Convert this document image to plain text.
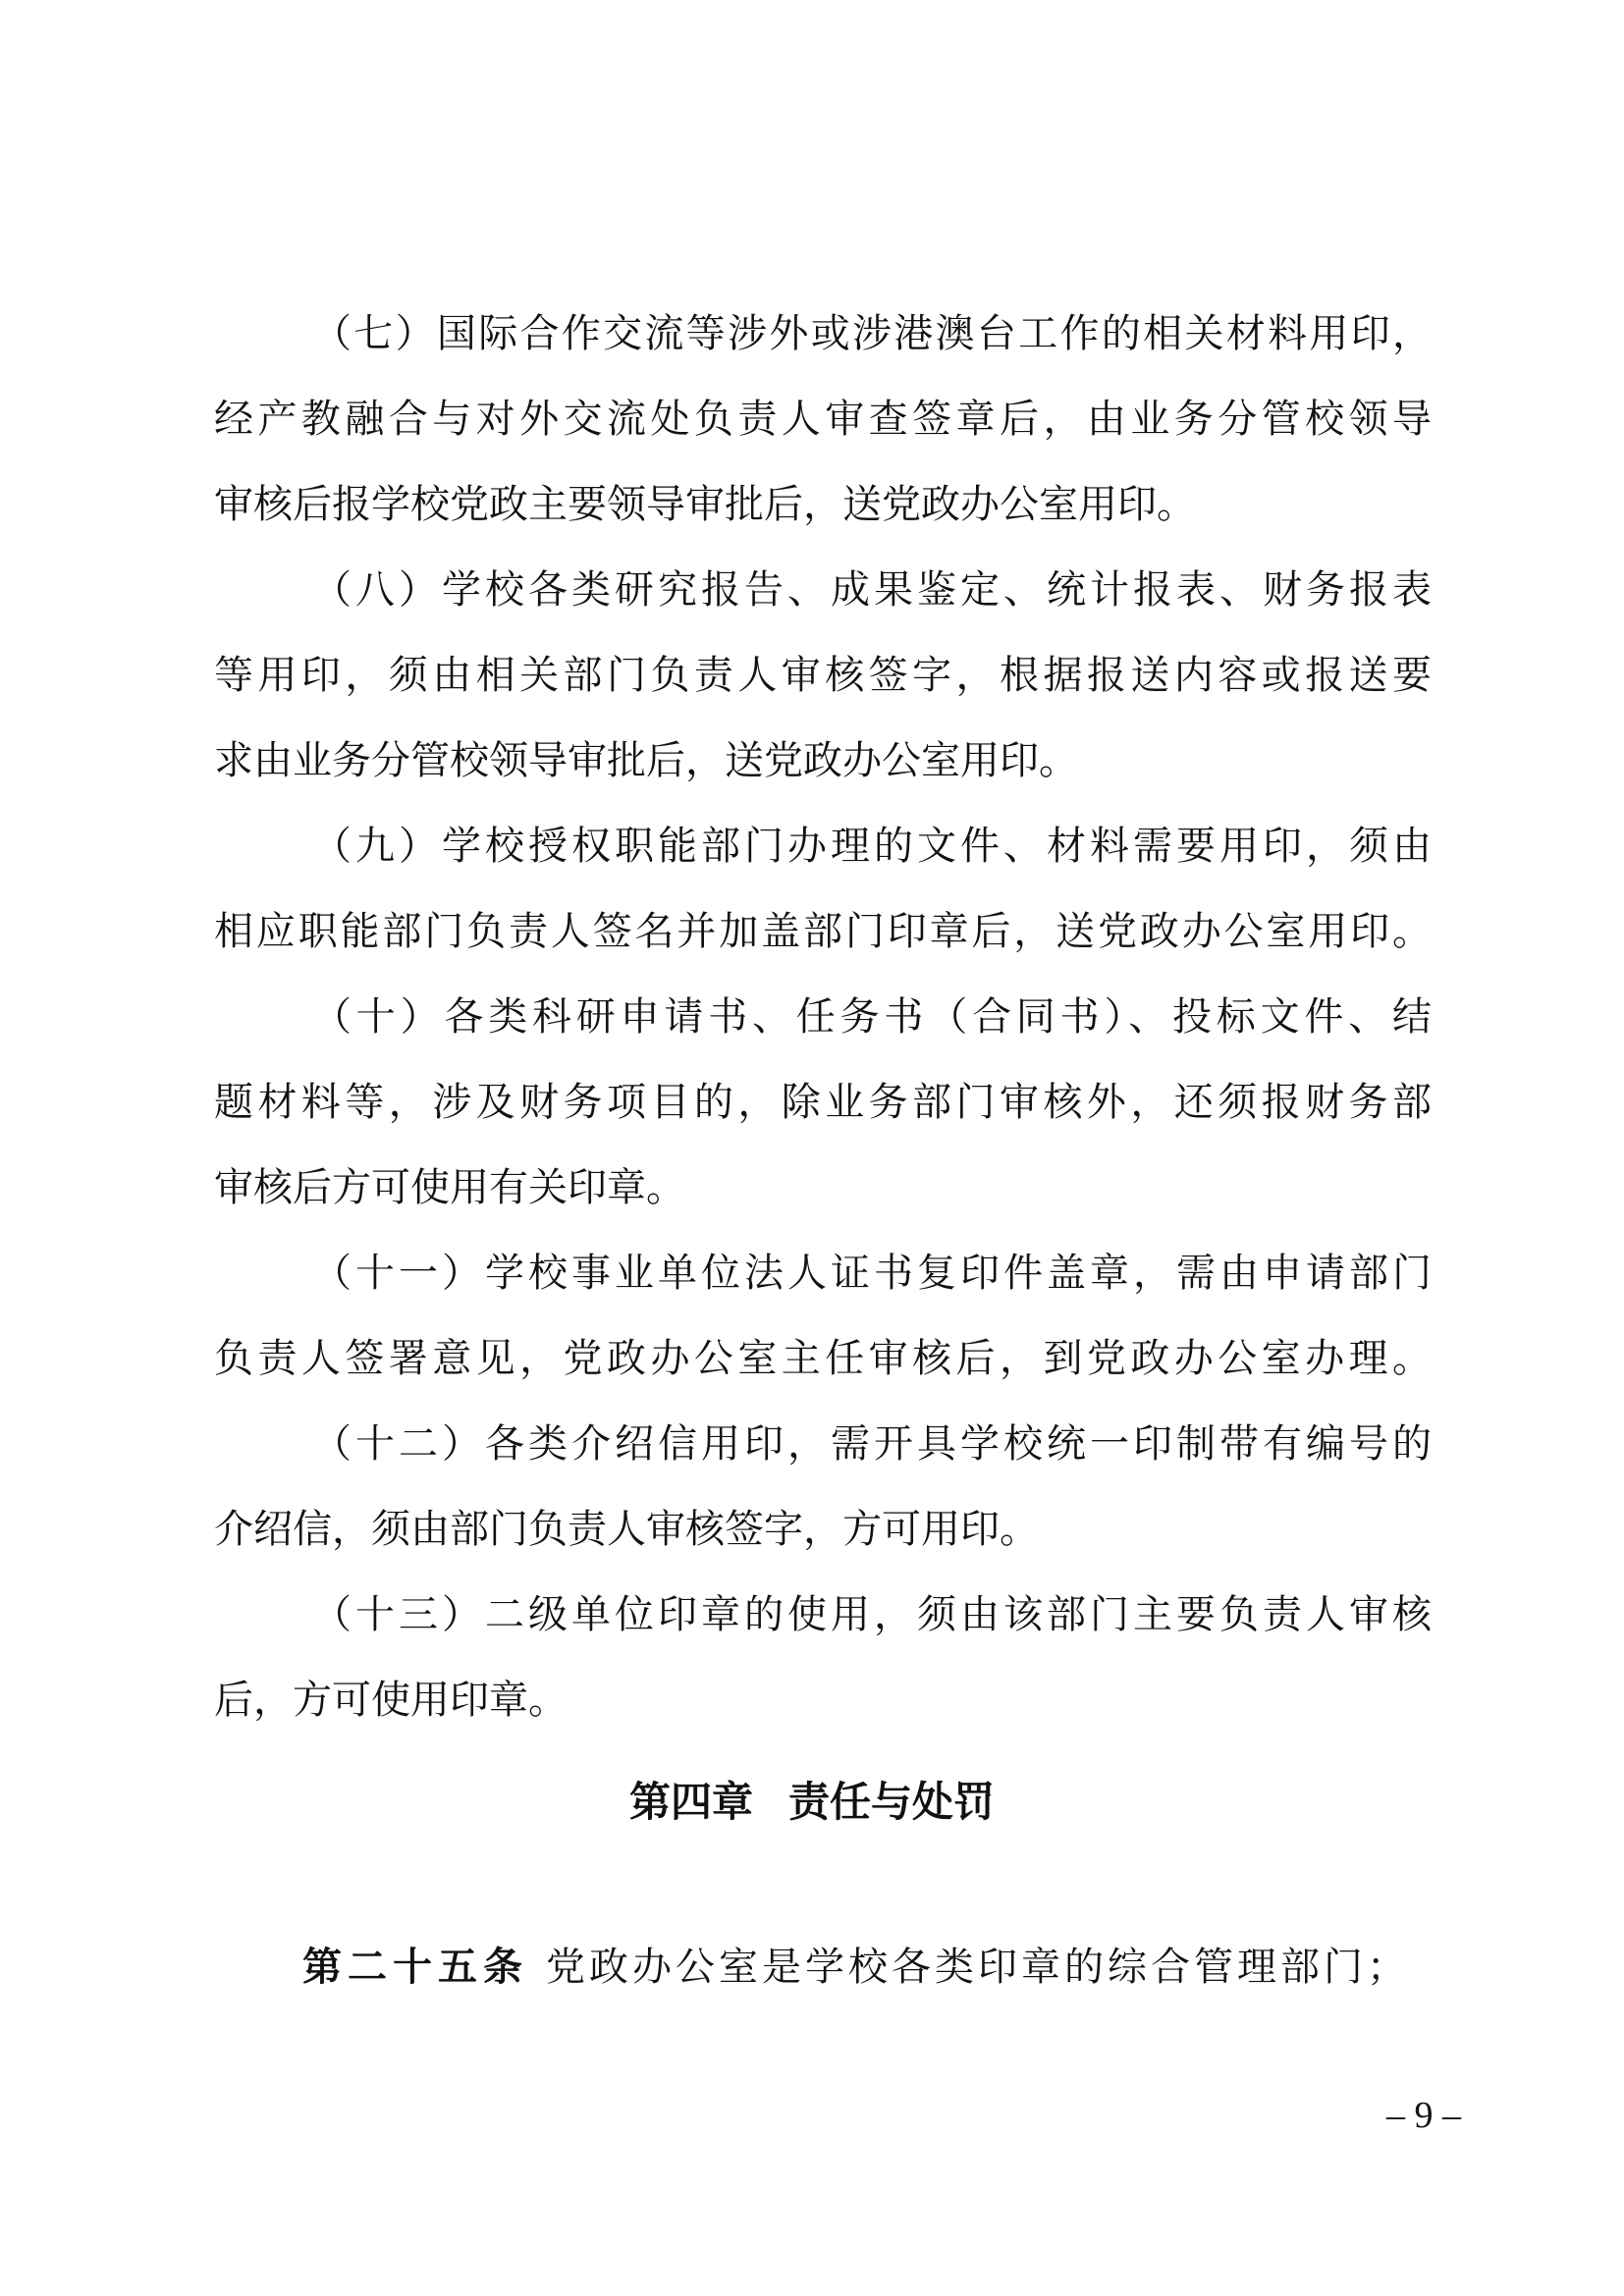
（七）国际合作交流等涉外或涉港澳台工作的相关材料用印，
经产教融合与对外交流处负责人审查签章后，由业务分管校领导
审核后报学校党政主要领导审批后，送党政办公室用印。
（八）学校各类研究报告、成果鉴定、统计报表、财务报表
等用印，须由相关部门负责人审核签字，根据报送内容或报送要
求由业务分管校领导审批后，送党政办公室用印。
（九）学校授权职能部门办理的文件、材料需要用印，须由
相应职能部门负责人签名并加盖部门印章后，送党政办公室用印。
（十）各类科研申请书、任务书（合同书）、投标文件、结
题材料等，涉及财务项目的，除业务部门审核外，还须报财务部
审核后方可使用有关印章。
（十一）学校事业单位法人证书复印件盖章，需由申请部门
负责人签署意见，党政办公室主任审核后，到党政办公室办理。
（十二）各类介绍信用印，需开具学校统一印制带有编号的
介绍信，须由部门负责人审核签字，方可用印。
（十三）二级单位印章的使用，须由该部门主要负责人审核
后，方可使用印章。
第四章 责任与处罚
第二十五条 党政办公室是学校各类印章的综合管理部门；
– 9 –
